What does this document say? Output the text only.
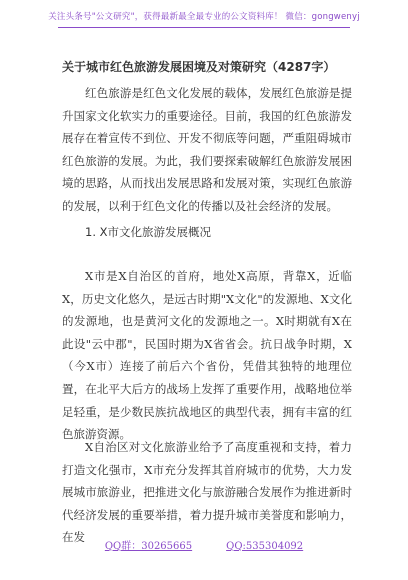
关注头条号"公文研究"，获得最新最全最专业的公文资料库！ 微信：gongwenyj
关于城市红色旅游发展困境及对策研究（4287字）

红色旅游是红色文化发展的载体，发展红色旅游是提升国家文化软实力的重要途径。目前，我国的红色旅游发展存在着宣传不到位、开发不彻底等问题，严重阻碍城市红色旅游的发展。为此，我们要探索破解红色旅游发展困境的思路，从而找出发展思路和发展对策，实现红色旅游的发展，以利于红色文化的传播以及社会经济的发展。

1. X市文化旅游发展概况

X市是X自治区的首府，地处X高原，背靠X，近临X，历史文化悠久，是远古时期"X文化"的发源地、X文化的发源地，也是黄河文化的发源地之一。X时期就有X在此设"云中郡"，民国时期为X省省会。抗日战争时期，X（今X市）连接了前后六个省份，凭借其独特的地理位置，在北平大后方的战场上发挥了重要作用，战略地位举足轻重，是少数民族抗战地区的典型代表，拥有丰富的红色旅游资源。

X自治区对文化旅游业给予了高度重视和支持，着力打造文化强市，X市充分发挥其首府城市的优势，大力发展城市旅游业，把推进文化与旅游融合发展作为推进新时代经济发展的重要举措，着力提升城市美誉度和影响力，在发

QQ群：30265665	QQ:535304092
